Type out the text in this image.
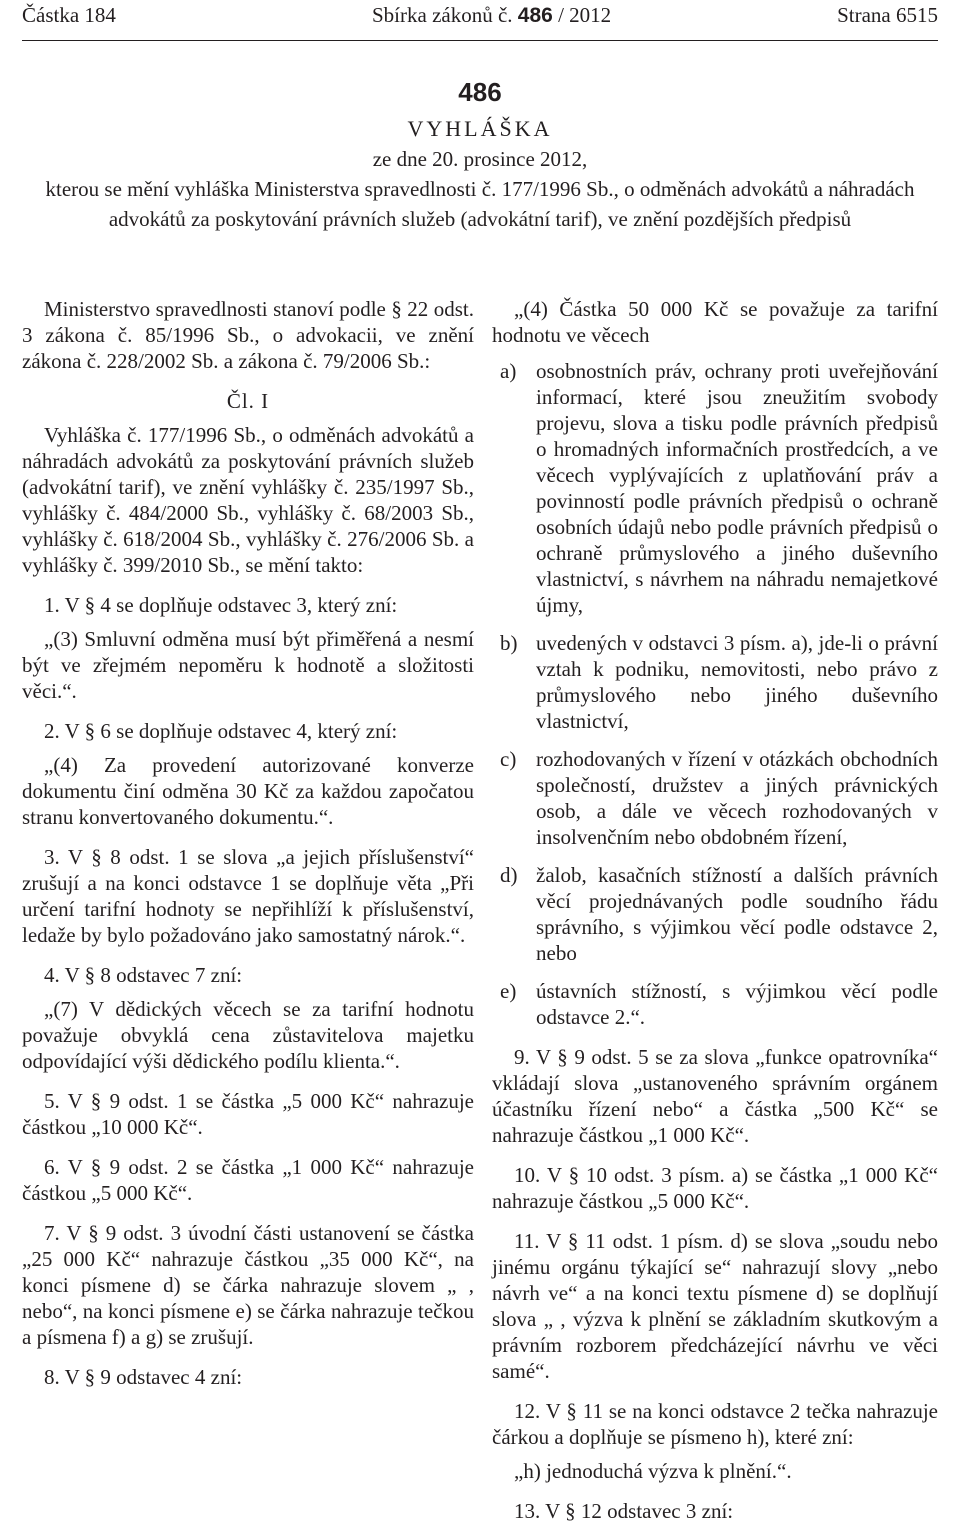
Částka 184	Sbírka zákonů č. 486 / 2012	Strana 6515
486
VYHLÁŠKA
ze dne 20. prosince 2012,
kterou se mění vyhláška Ministerstva spravedlnosti č. 177/1996 Sb., o odměnách advokátů a náhradách
advokátů za poskytování právních služeb (advokátní tarif), ve znění pozdějších předpisů

Ministerstvo spravedlnosti stanoví podle § 22 odst. 3 zákona č. 85/1996 Sb., o advokacii, ve znění zákona č. 228/2002 Sb. a zákona č. 79/2006 Sb.:

Čl. I

Vyhláška č. 177/1996 Sb., o odměnách advokátů a náhradách advokátů za poskytování právních služeb (advokátní tarif), ve znění vyhlášky č. 235/1997 Sb., vyhlášky č. 484/2000 Sb., vyhlášky č. 68/2003 Sb., vyhlášky č. 618/2004 Sb., vyhlášky č. 276/2006 Sb. a vyhlášky č. 399/2010 Sb., se mění takto:

1. V § 4 se doplňuje odstavec 3, který zní:

„(3) Smluvní odměna musí být přiměřená a nesmí být ve zřejmém nepoměru k hodnotě a složitosti věci.“.

2. V § 6 se doplňuje odstavec 4, který zní:

„(4) Za provedení autorizované konverze dokumentu činí odměna 30 Kč za každou započatou stranu konvertovaného dokumentu.“.

3. V § 8 odst. 1 se slova „a jejich příslušenství“ zrušují a na konci odstavce 1 se doplňuje věta „Při určení tarifní hodnoty se nepřihlíží k příslušenství, ledaže by bylo požadováno jako samostatný nárok.“.

4. V § 8 odstavec 7 zní:

„(7) V dědických věcech se za tarifní hodnotu považuje obvyklá cena zůstavitelova majetku odpovídající výši dědického podílu klienta.“.

5. V § 9 odst. 1 se částka „5 000 Kč“ nahrazuje částkou „10 000 Kč“.

6. V § 9 odst. 2 se částka „1 000 Kč“ nahrazuje částkou „5 000 Kč“.

7. V § 9 odst. 3 úvodní části ustanovení se částka „25 000 Kč“ nahrazuje částkou „35 000 Kč“, na konci písmene d) se čárka nahrazuje slovem „ , nebo“, na konci písmene e) se čárka nahrazuje tečkou a písmena f) a g) se zrušují.

8. V § 9 odstavec 4 zní:

„(4) Částka 50 000 Kč se považuje za tarifní hodnotu ve věcech

a) osobnostních práv, ochrany proti uveřejňování informací, které jsou zneužitím svobody projevu, slova a tisku podle právních předpisů o hromadných informačních prostředcích, a ve věcech vyplývajících z uplatňování práv a povinností podle právních předpisů o ochraně osobních údajů nebo podle právních předpisů o ochraně průmyslového a jiného duševního vlastnictví, s návrhem na náhradu nemajetkové újmy,
b) uvedených v odstavci 3 písm. a), jde-li o právní vztah k podniku, nemovitosti, nebo právo z průmyslového nebo jiného duševního vlastnictví,
c) rozhodovaných v řízení v otázkách obchodních společností, družstev a jiných právnických osob, a dále ve věcech rozhodovaných v insolvenčním nebo obdobném řízení,
d) žalob, kasačních stížností a dalších právních věcí projednávaných podle soudního řádu správního, s výjimkou věcí podle odstavce 2, nebo
e) ústavních stížností, s výjimkou věcí podle odstavce 2.“.

9. V § 9 odst. 5 se za slova „funkce opatrovníka“ vkládají slova „ustanoveného správním orgánem účastníku řízení nebo“ a částka „500 Kč“ se nahrazuje částkou „1 000 Kč“.

10. V § 10 odst. 3 písm. a) se částka „1 000 Kč“ nahrazuje částkou „5 000 Kč“.

11. V § 11 odst. 1 písm. d) se slova „soudu nebo jinému orgánu týkající se“ nahrazují slovy „nebo návrh ve“ a na konci textu písmene d) se doplňují slova „ , výzva k plnění se základním skutkovým a právním rozborem předcházející návrhu ve věci samé“.

12. V § 11 se na konci odstavce 2 tečka nahrazuje čárkou a doplňuje se písmeno h), které zní:

„h) jednoduchá výzva k plnění.“.

13. V § 12 odstavec 3 zní:
